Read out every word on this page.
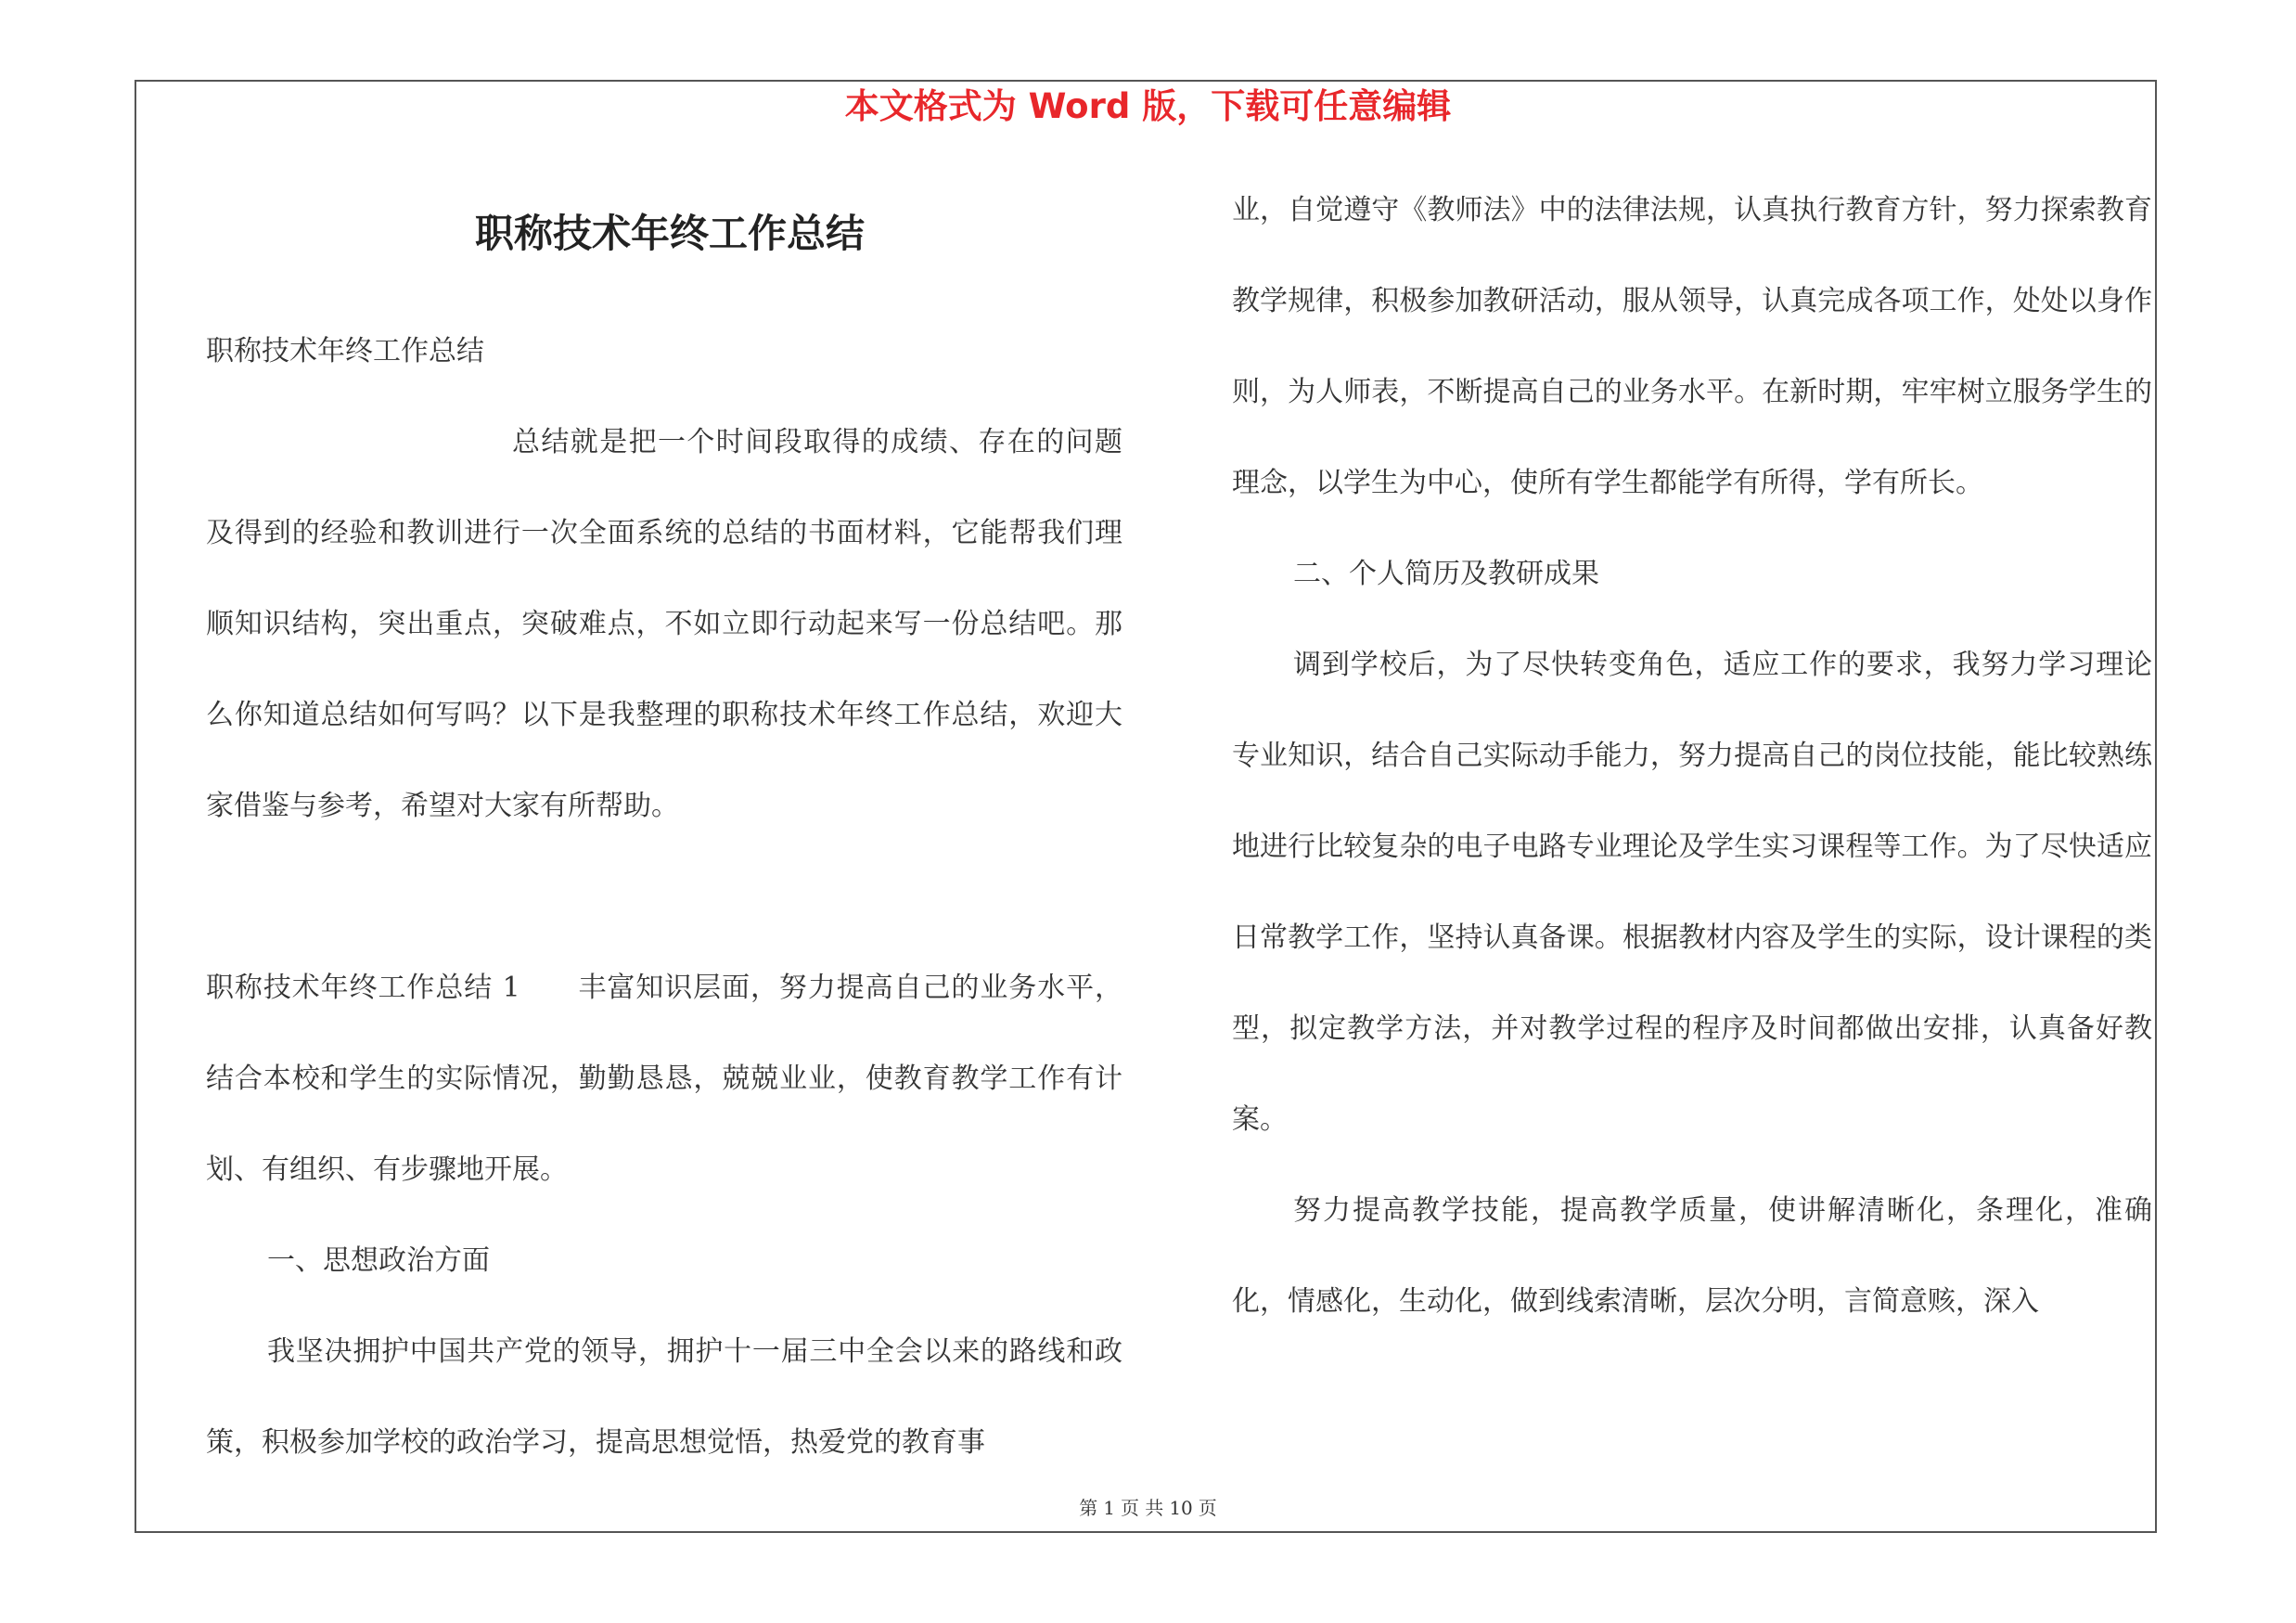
本文格式为 Word 版，下载可任意编辑
职称技术年终工作总结

职称技术年终工作总结

总结就是把一个时间段取得的成绩、存在的问题及得到的经验和教训进行一次全面系统的总结的书面材料，它能帮我们理顺知识结构，突出重点，突破难点，不如立即行动起来写一份总结吧。那么你知道总结如何写吗？以下是我整理的职称技术年终工作总结，欢迎大家借鉴与参考，希望对大家有所帮助。

职称技术年终工作总结 1　　丰富知识层面，努力提高自己的业务水平，结合本校和学生的实际情况，勤勤恳恳，兢兢业业，使教育教学工作有计划、有组织、有步骤地开展。

一、思想政治方面

我坚决拥护中国共产党的领导，拥护十一届三中全会以来的路线和政策，积极参加学校的政治学习，提高思想觉悟，热爱党的教育事

业，自觉遵守《教师法》中的法律法规，认真执行教育方针，努力探索教育教学规律，积极参加教研活动，服从领导，认真完成各项工作，处处以身作则，为人师表，不断提高自己的业务水平。在新时期，牢牢树立服务学生的理念，以学生为中心，使所有学生都能学有所得，学有所长。

二、个人简历及教研成果

调到学校后，为了尽快转变角色，适应工作的要求，我努力学习理论专业知识，结合自己实际动手能力，努力提高自己的岗位技能，能比较熟练地进行比较复杂的电子电路专业理论及学生实习课程等工作。为了尽快适应日常教学工作，坚持认真备课。根据教材内容及学生的实际，设计课程的类型，拟定教学方法，并对教学过程的程序及时间都做出安排，认真备好教案。

努力提高教学技能，提高教学质量，使讲解清晰化，条理化，准确化，情感化，生动化，做到线索清晰，层次分明，言简意赅，深入

第 1 页 共 10 页
